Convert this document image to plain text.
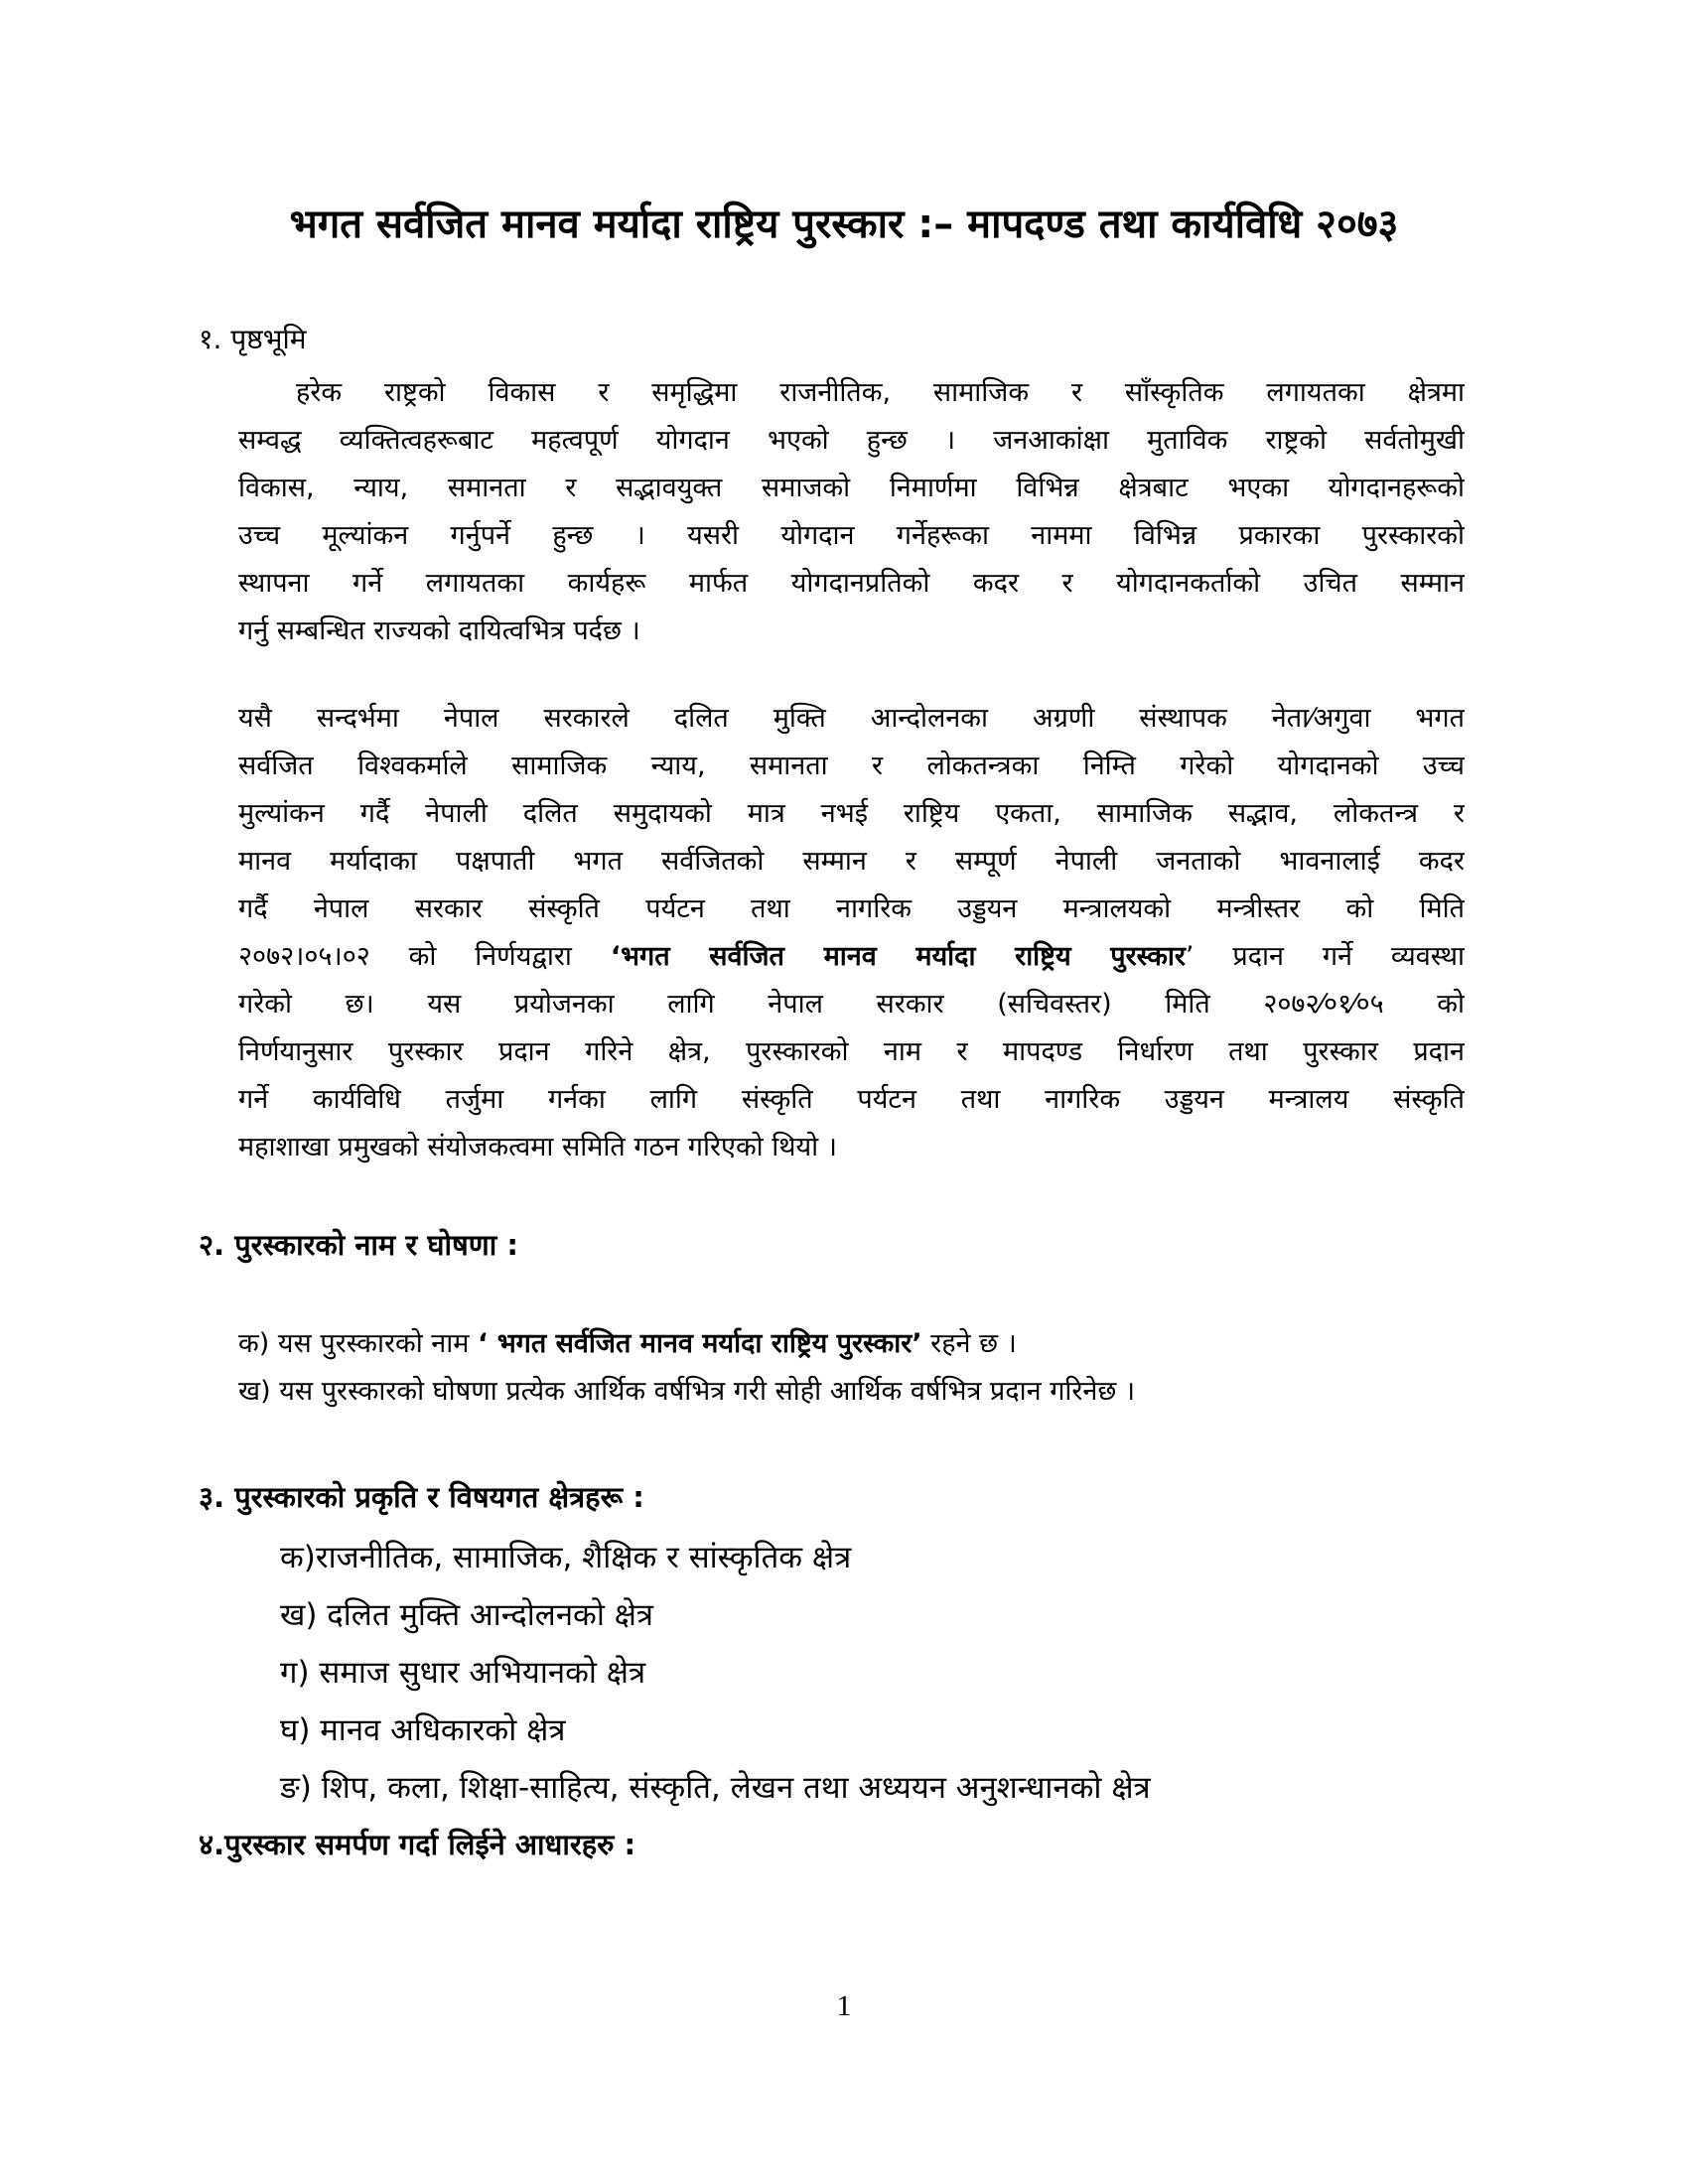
भगत सर्वजित मानव मर्यादा राष्ट्रिय पुरस्कार :– मापदण्ड तथा कार्यविधि २०७३
१. पृष्ठभूमि
हरेक राष्ट्रको विकास र समृद्धिमा राजनीतिक, सामाजिक र साँस्कृतिक लगायतका क्षेत्रमा
सम्वद्ध व्यक्तित्वहरूबाट महत्वपूर्ण योगदान भएको हुन्छ । जनआकांक्षा मुताविक राष्ट्रको सर्वतोमुखी
विकास, न्याय, समानता र सद्भावयुक्त समाजको निमार्णमा विभिन्न क्षेत्रबाट भएका योगदानहरूको
उच्च मूल्यांकन गर्नुपर्ने हुन्छ । यसरी योगदान गर्नेहरूका नाममा विभिन्न प्रकारका पुरस्कारको
स्थापना गर्ने लगायतका कार्यहरू मार्फत योगदानप्रतिको कदर र योगदानकर्ताको उचित सम्मान
गर्नु सम्बन्धित राज्यको दायित्वभित्र पर्दछ ।
यसै सन्दर्भमा नेपाल सरकारले दलित मुक्ति आन्दोलनका अग्रणी संस्थापक नेता⁄अगुवा भगत
सर्वजित विश्वकर्माले सामाजिक न्याय, समानता र लोकतन्त्रका निम्ति गरेको योगदानको उच्च
मुल्यांकन गर्दै नेपाली दलित समुदायको मात्र नभई राष्ट्रिय एकता, सामाजिक सद्भाव, लोकतन्त्र र
मानव मर्यादाका पक्षपाती भगत सर्वजितको सम्मान र सम्पूर्ण नेपाली जनताको भावनालाई कदर
गर्दै नेपाल सरकार संस्कृति पर्यटन तथा नागरिक उड्डयन मन्त्रालयको मन्त्रीस्तर को मिति
२०७२।०५।०२ को निर्णयद्वारा ‘भगत सर्वजित मानव मर्यादा राष्ट्रिय पुरस्कार’ प्रदान गर्ने व्यवस्था
गरेको छ। यस प्रयोजनका लागि नेपाल सरकार (सचिवस्तर) मिति २०७२⁄०१⁄०५ को
निर्णयानुसार पुरस्कार प्रदान गरिने क्षेत्र, पुरस्कारको नाम र मापदण्ड निर्धारण तथा पुरस्कार प्रदान
गर्ने कार्यविधि तर्जुमा गर्नका लागि संस्कृति पर्यटन तथा नागरिक उड्डयन मन्त्रालय संस्कृति
महाशाखा प्रमुखको संयोजकत्वमा समिति गठन गरिएको थियो ।
२. पुरस्कारको नाम र घोषणा :
क) यस पुरस्कारको नाम ‘ भगत सर्वजित मानव मर्यादा राष्ट्रिय पुरस्कार’ रहने छ ।
ख) यस पुरस्कारको घोषणा प्रत्येक आर्थिक वर्षभित्र गरी सोही आर्थिक वर्षभित्र प्रदान गरिनेछ ।
३. पुरस्कारको प्रकृति र विषयगत क्षेत्रहरू :
क)राजनीतिक, सामाजिक, शैक्षिक र सांस्कृतिक क्षेत्र
ख) दलित मुक्ति आन्दोलनको क्षेत्र
ग) समाज सुधार अभियानको क्षेत्र
घ) मानव अधिकारको क्षेत्र
ङ) शिप, कला, शिक्षा-साहित्य, संस्कृति, लेखन तथा अध्ययन अनुशन्धानको क्षेत्र
४.पुरस्कार समर्पण गर्दा लिईने आधारहरु :
1
